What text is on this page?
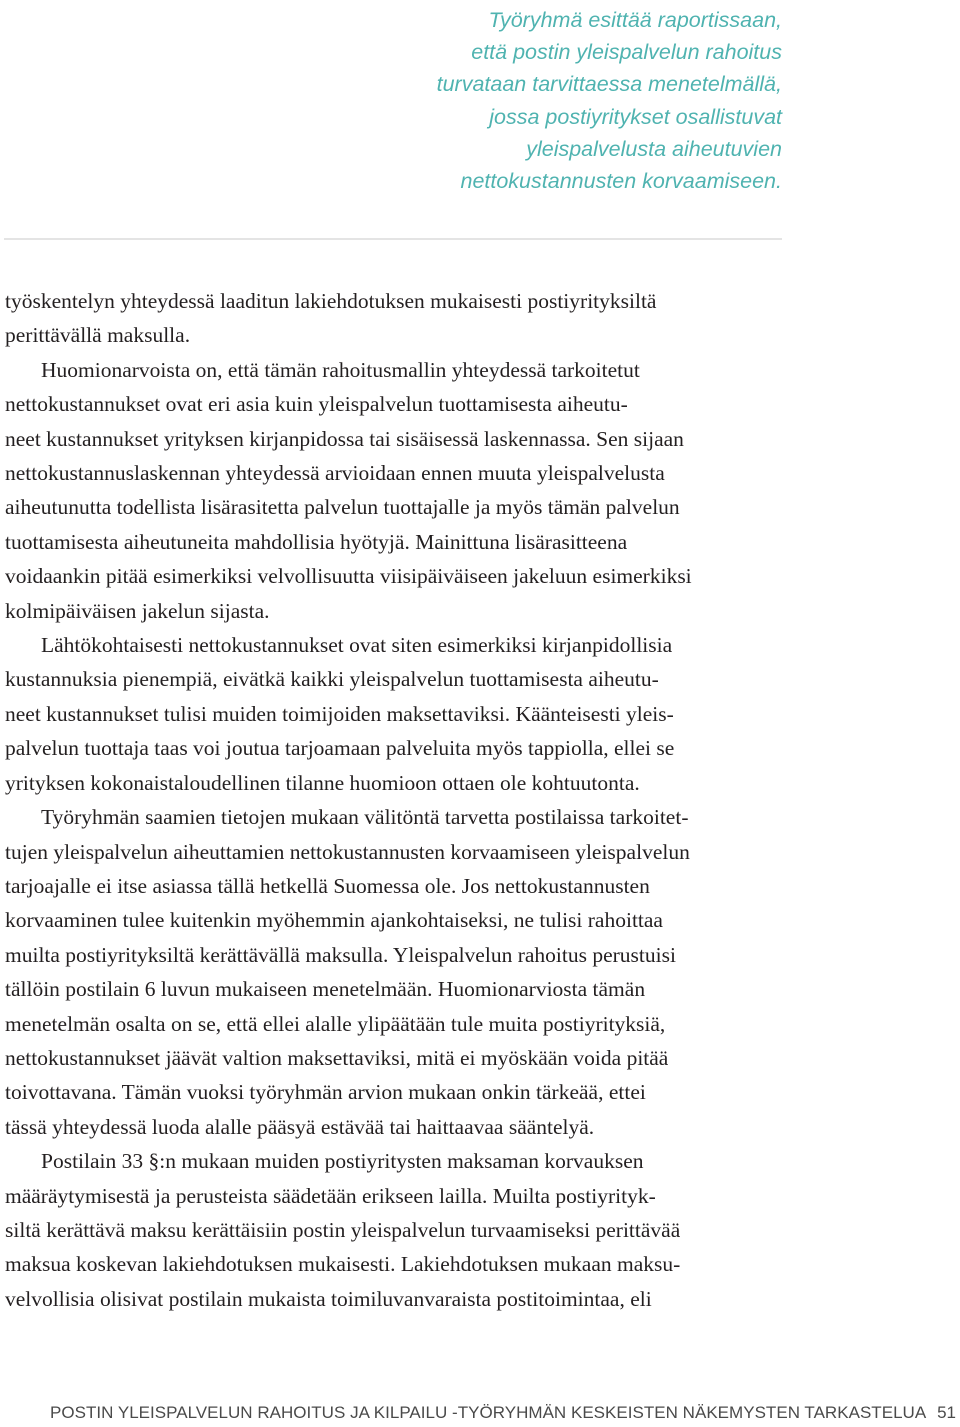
Työryhmä esittää raportissaan,
että postin yleispalvelun rahoitus
turvataan tarvittaessa menetelmällä,
jossa postiyritykset osallistuvat
yleispalvelusta aiheutuvien
nettokustannusten korvaamiseen.
työskentelyn yhteydessä laaditun lakiehdotuksen mukaisesti postiyrityksiltä
perittävällä maksulla.
Huomionarvoista on, että tämän rahoitusmallin yhteydessä tarkoitetut
nettokustannukset ovat eri asia kuin yleispalvelun tuottamisesta aiheutu-
neet kustannukset yrityksen kirjanpidossa tai sisäisessä laskennassa. Sen sijaan
nettokustannuslaskennan yhteydessä arvioidaan ennen muuta yleispalvelusta
aiheutunutta todellista lisärasitetta palvelun tuottajalle ja myös tämän palvelun
tuottamisesta aiheutuneita mahdollisia hyötyjä. Mainittuna lisärasitteena
voidaankin pitää esimerkiksi velvollisuutta viisipäiväiseen jakeluun esimerkiksi
kolmipäiväisen jakelun sijasta.
Lähtökohtaisesti nettokustannukset ovat siten esimerkiksi kirjanpidollisia
kustannuksia pienempiä, eivätkä kaikki yleispalvelun tuottamisesta aiheutu-
neet kustannukset tulisi muiden toimijoiden maksettaviksi. Käänteisesti yleis-
palvelun tuottaja taas voi joutua tarjoamaan palveluita myös tappiolla, ellei se
yrityksen kokonaistaloudellinen tilanne huomioon ottaen ole kohtuutonta.
Työryhmän saamien tietojen mukaan välitöntä tarvetta postilaissa tarkoitet-
tujen yleispalvelun aiheuttamien nettokustannusten korvaamiseen yleispalvelun
tarjoajalle ei itse asiassa tällä hetkellä Suomessa ole. Jos nettokustannusten
korvaaminen tulee kuitenkin myöhemmin ajankohtaiseksi, ne tulisi rahoittaa
muilta postiyrityksiltä kerättävällä maksulla. Yleispalvelun rahoitus perustuisi
tällöin postilain 6 luvun mukaiseen menetelmään. Huomionarviosta tämän
menetelmän osalta on se, että ellei alalle ylipäätään tule muita postiyrityksiä,
nettokustannukset jäävät valtion maksettaviksi, mitä ei myöskään voida pitää
toivottavana. Tämän vuoksi työryhmän arvion mukaan onkin tärkeää, ettei
tässä yhteydessä luoda alalle pääsyä estävää tai haittaavaa sääntelyä.
Postilain 33 §:n mukaan muiden postiyritysten maksaman korvauksen
määräytymisestä ja perusteista säädetään erikseen lailla. Muilta postiyrityk-
siltä kerättävä maksu kerättäisiin postin yleispalvelun turvaamiseksi perittävää
maksua koskevan lakiehdotuksen mukaisesti. Lakiehdotuksen mukaan maksu-
velvollisia olisivat postilain mukaista toimiluvanvaraista postitoimintaa, eli
POSTIN YLEISPALVELUN RAHOITUS JA KILPAILU -TYÖRYHMÄN KESKEISTEN NÄKEMYSTEN TARKASTELUA 51
